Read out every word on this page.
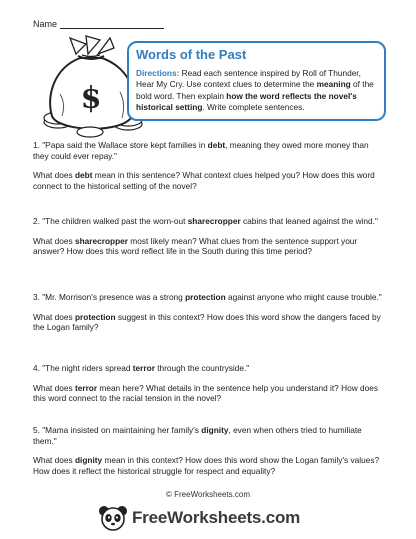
Name
$
Words of the Past
Directions: Read each sentence inspired by Roll of Thunder, Hear My Cry. Use context clues to determine the meaning of the bold word. Then explain how the word reflects the novel's historical setting. Write complete sentences.

1. "Papa said the Wallace store kept families in debt, meaning they owed more money than they could ever repay."

What does debt mean in this sentence? What context clues helped you? How does this word connect to the historical setting of the novel?

2. "The children walked past the worn-out sharecropper cabins that leaned against the wind."

What does sharecropper most likely mean? What clues from the sentence support your answer? How does this word reflect life in the South during this time period?

3. "Mr. Morrison's presence was a strong protection against anyone who might cause trouble."

What does protection suggest in this context? How does this word show the dangers faced by the Logan family?

4. "The night riders spread terror through the countryside."

What does terror mean here? What details in the sentence help you understand it? How does this word connect to the racial tension in the novel?

5. "Mama insisted on maintaining her family's dignity, even when others tried to humiliate them."

What does dignity mean in this context? How does this word show the Logan family's values? How does it reflect the historical struggle for respect and equality?

© FreeWorksheets.com
FreeWorksheets.com
